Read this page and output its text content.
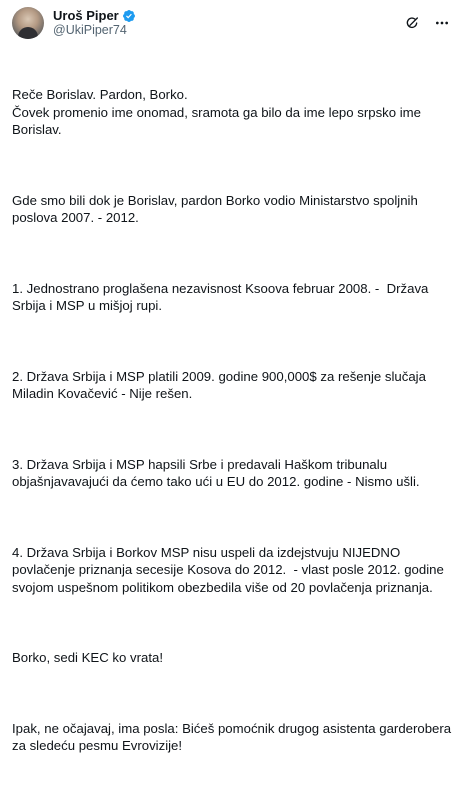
Uroš Piper
@UkiPiper74

Reče Borislav. Pardon, Borko.
Čovek promenio ime onomad, sramota ga bilo da ime lepo srpsko ime Borislav.

Gde smo bili dok je Borislav, pardon Borko vodio Ministarstvo spoljnih poslova 2007. - 2012.

1. Jednostrano proglašena nezavisnost Ksoova februar 2008. -  Država Srbija i MSP u mišjoj rupi.

2. Država Srbija i MSP platili 2009. godine 900,000$ za rešenje slučaja Miladin Kovačević - Nije rešen.

3. Država Srbija i MSP hapsili Srbe i predavali Haškom tribunalu objašnjavavajući da ćemo tako ući u EU do 2012. godine - Nismo ušli.

4. Država Srbija i Borkov MSP nisu uspeli da izdejstvuju NIJEDNO povlačenje priznanja secesije Kosova do 2012.  - vlast posle 2012. godine svojom uspešnom politikom obezbedila više od 20 povlačenja priznanja.

Borko, sedi KEC ko vrata!

Ipak, ne očajavaj, ima posla: Bićeš pomoćnik drugog asistenta garderobera za sledeću pesmu Evrovizije!
